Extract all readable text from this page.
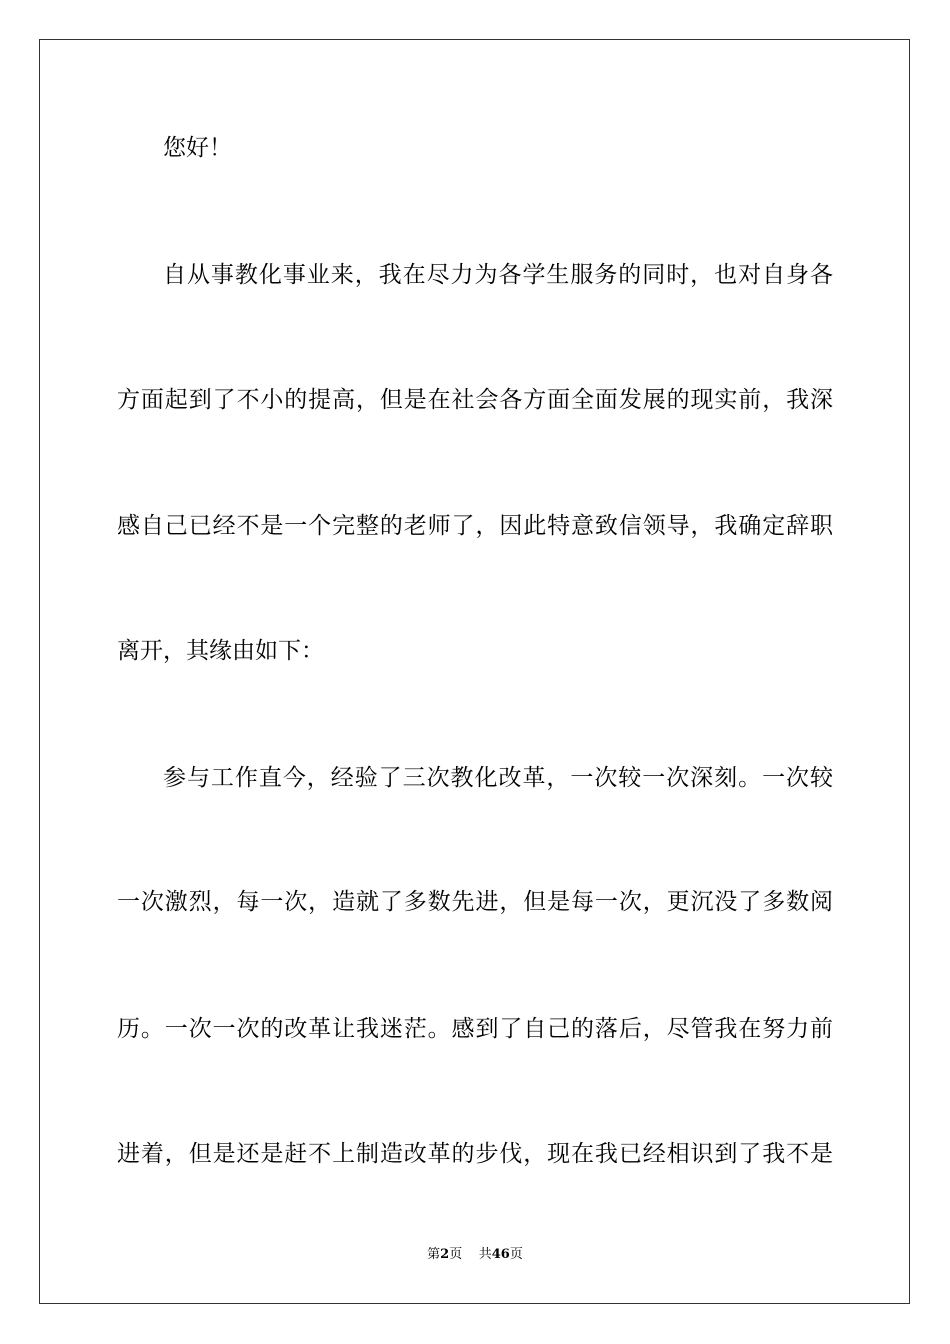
您好！
自从事教化事业来，我在尽力为各学生服务的同时，也对自身各
方面起到了不小的提高，但是在社会各方面全面发展的现实前，我深
感自己已经不是一个完整的老师了，因此特意致信领导，我确定辞职
离开，其缘由如下：
参与工作直今，经验了三次教化改革，一次较一次深刻。一次较
一次激烈，每一次，造就了多数先进，但是每一次，更沉没了多数阅
历。一次一次的改革让我迷茫。感到了自己的落后，尽管我在努力前
进着，但是还是赶不上制造改革的步伐，现在我已经相识到了我不是
第2页 共46页
